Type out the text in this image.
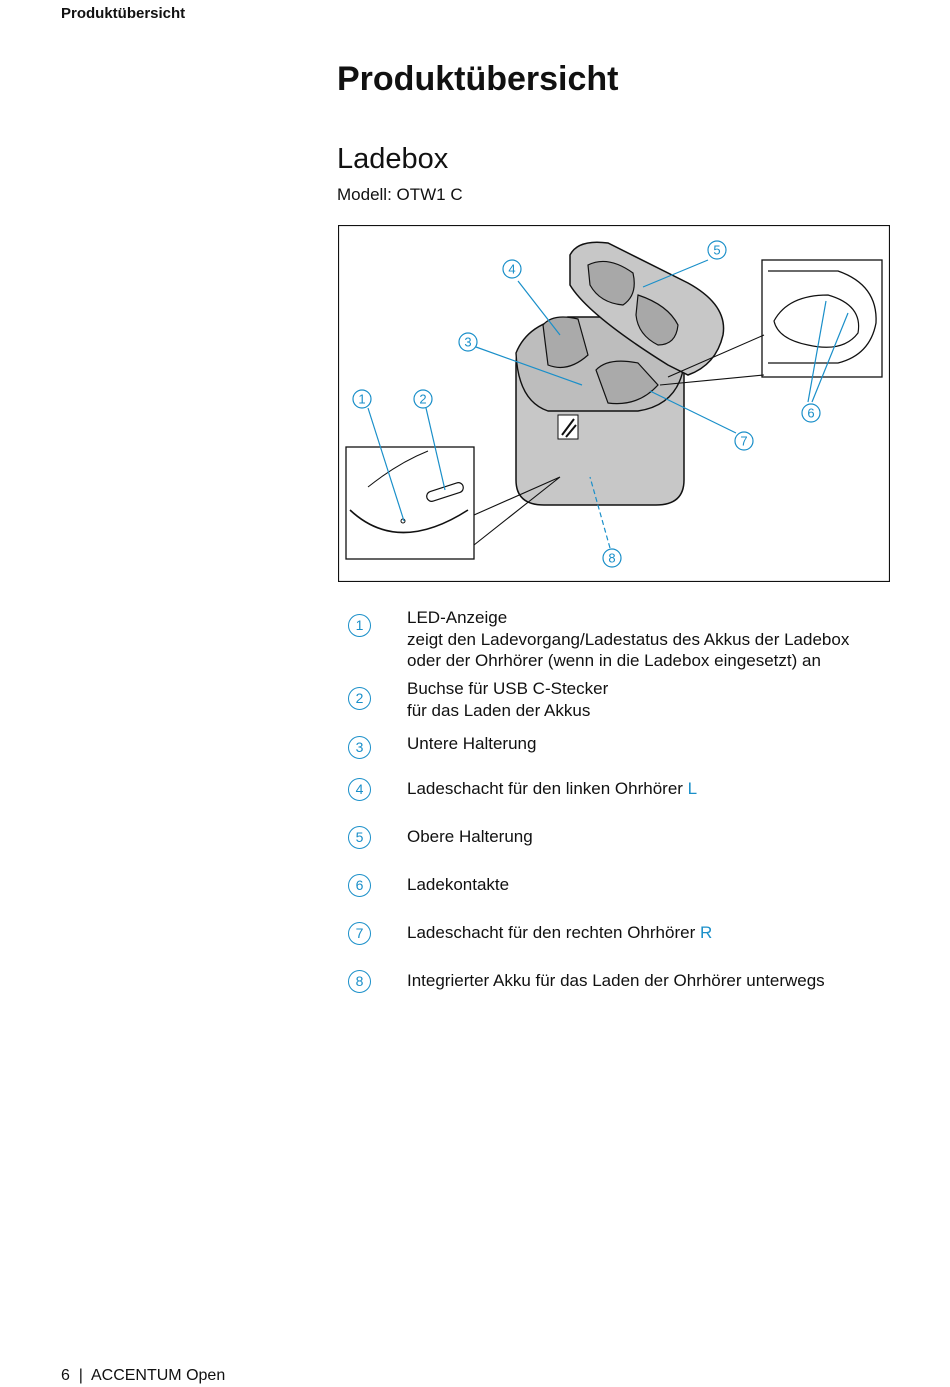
Produktübersicht
Produktübersicht
Ladebox
Modell: OTW1 C
1	2
3
4
5
6
7
8
1	LED-Anzeige
zeigt den Ladevorgang/Ladestatus des Akkus der Ladebox
oder der Ohrhörer (wenn in die Ladebox eingesetzt) an
2	Buchse für USB C-Stecker
für das Laden der Akkus
3	Untere Halterung
4	Ladeschacht für den linken Ohrhörer L
5	Obere Halterung
6	Ladekontakte
7	Ladeschacht für den rechten Ohrhörer R
8	Integrierter Akku für das Laden der Ohrhörer unterwegs
6 | ACCENTUM Open
